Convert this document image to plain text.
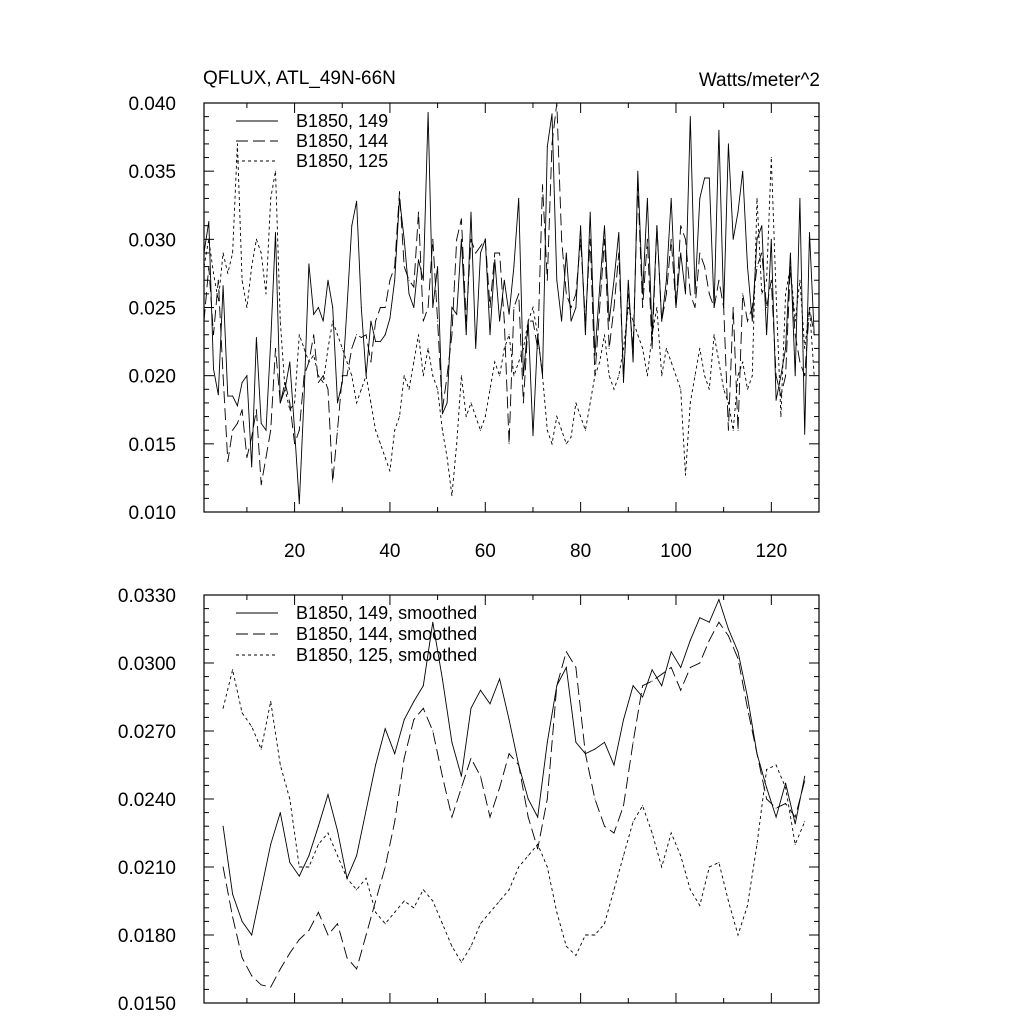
QFLUX, ATL_49N-66N	Watts/meter^2
0.010
0.015
0.020
0.025
0.030
0.035
0.040
20	40	60	80	100	120
B1850, 149
B1850, 144
B1850, 125
0.0150
0.0180
0.0210
0.0240
0.0270
0.0300
0.0330
B1850, 149, smoothed
B1850, 144, smoothed
B1850, 125, smoothed
